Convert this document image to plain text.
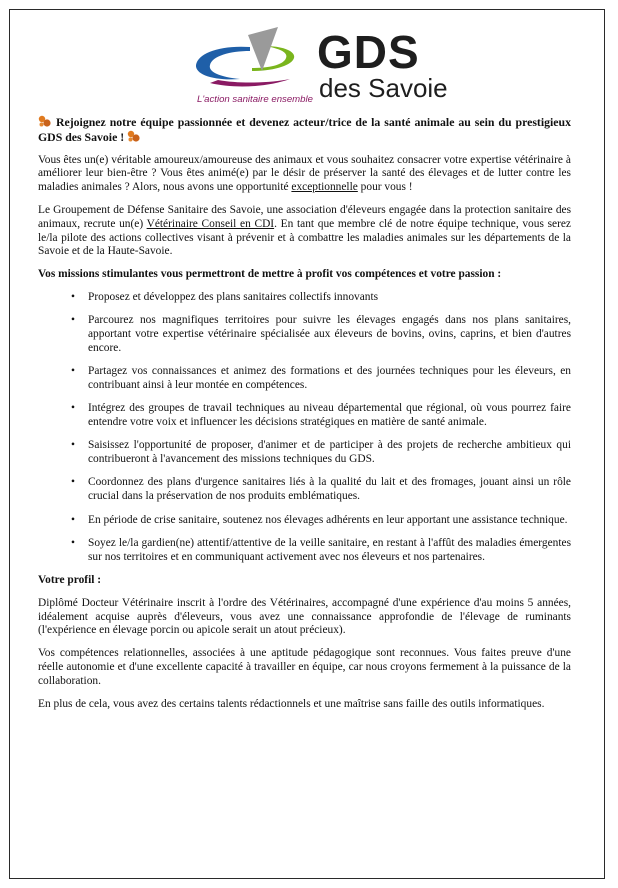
GDS
des Savoie
L'action sanitaire ensemble

Rejoignez notre équipe passionnée et devenez acteur/trice de la santé animale au sein du prestigieux GDS des Savoie !

Vous êtes un(e) véritable amoureux/amoureuse des animaux et vous souhaitez consacrer votre expertise vétérinaire à améliorer leur bien-être ? Vous êtes animé(e) par le désir de préserver la santé des élevages et de lutter contre les maladies animales ? Alors, nous avons une opportunité exceptionnelle pour vous !

Le Groupement de Défense Sanitaire des Savoie, une association d'éleveurs engagée dans la protection sanitaire des animaux, recrute un(e) Vétérinaire Conseil en CDI. En tant que membre clé de notre équipe technique, vous serez le/la pilote des actions collectives visant à prévenir et à combattre les maladies animales sur les départements de la Savoie et de la Haute-Savoie.

Vos missions stimulantes vous permettront de mettre à profit vos compétences et votre passion :

• Proposez et développez des plans sanitaires collectifs innovants
• Parcourez nos magnifiques territoires pour suivre les élevages engagés dans nos plans sanitaires, apportant votre expertise vétérinaire spécialisée aux éleveurs de bovins, ovins, caprins, et bien d'autres encore.
• Partagez vos connaissances et animez des formations et des journées techniques pour les éleveurs, en contribuant ainsi à leur montée en compétences.
• Intégrez des groupes de travail techniques au niveau départemental que régional, où vous pourrez faire entendre votre voix et influencer les décisions stratégiques en matière de santé animale.
• Saisissez l'opportunité de proposer, d'animer et de participer à des projets de recherche ambitieux qui contribueront à l'avancement des missions techniques du GDS.
• Coordonnez des plans d'urgence sanitaires liés à la qualité du lait et des fromages, jouant ainsi un rôle crucial dans la préservation de nos produits emblématiques.
• En période de crise sanitaire, soutenez nos élevages adhérents en leur apportant une assistance technique.
• Soyez le/la gardien(ne) attentif/attentive de la veille sanitaire, en restant à l'affût des maladies émergentes sur nos territoires et en communiquant activement avec nos éleveurs et nos partenaires.

Votre profil :

Diplômé Docteur Vétérinaire inscrit à l'ordre des Vétérinaires, accompagné d'une expérience d'au moins 5 années, idéalement acquise auprès d'éleveurs, vous avez une connaissance approfondie de l'élevage de ruminants (l'expérience en élevage porcin ou apicole serait un atout précieux).

Vos compétences relationnelles, associées à une aptitude pédagogique sont reconnues. Vous faites preuve d'une réelle autonomie et d'une excellente capacité à travailler en équipe, car nous croyons fermement à la puissance de la collaboration.

En plus de cela, vous avez des certains talents rédactionnels et une maîtrise sans faille des outils informatiques.
